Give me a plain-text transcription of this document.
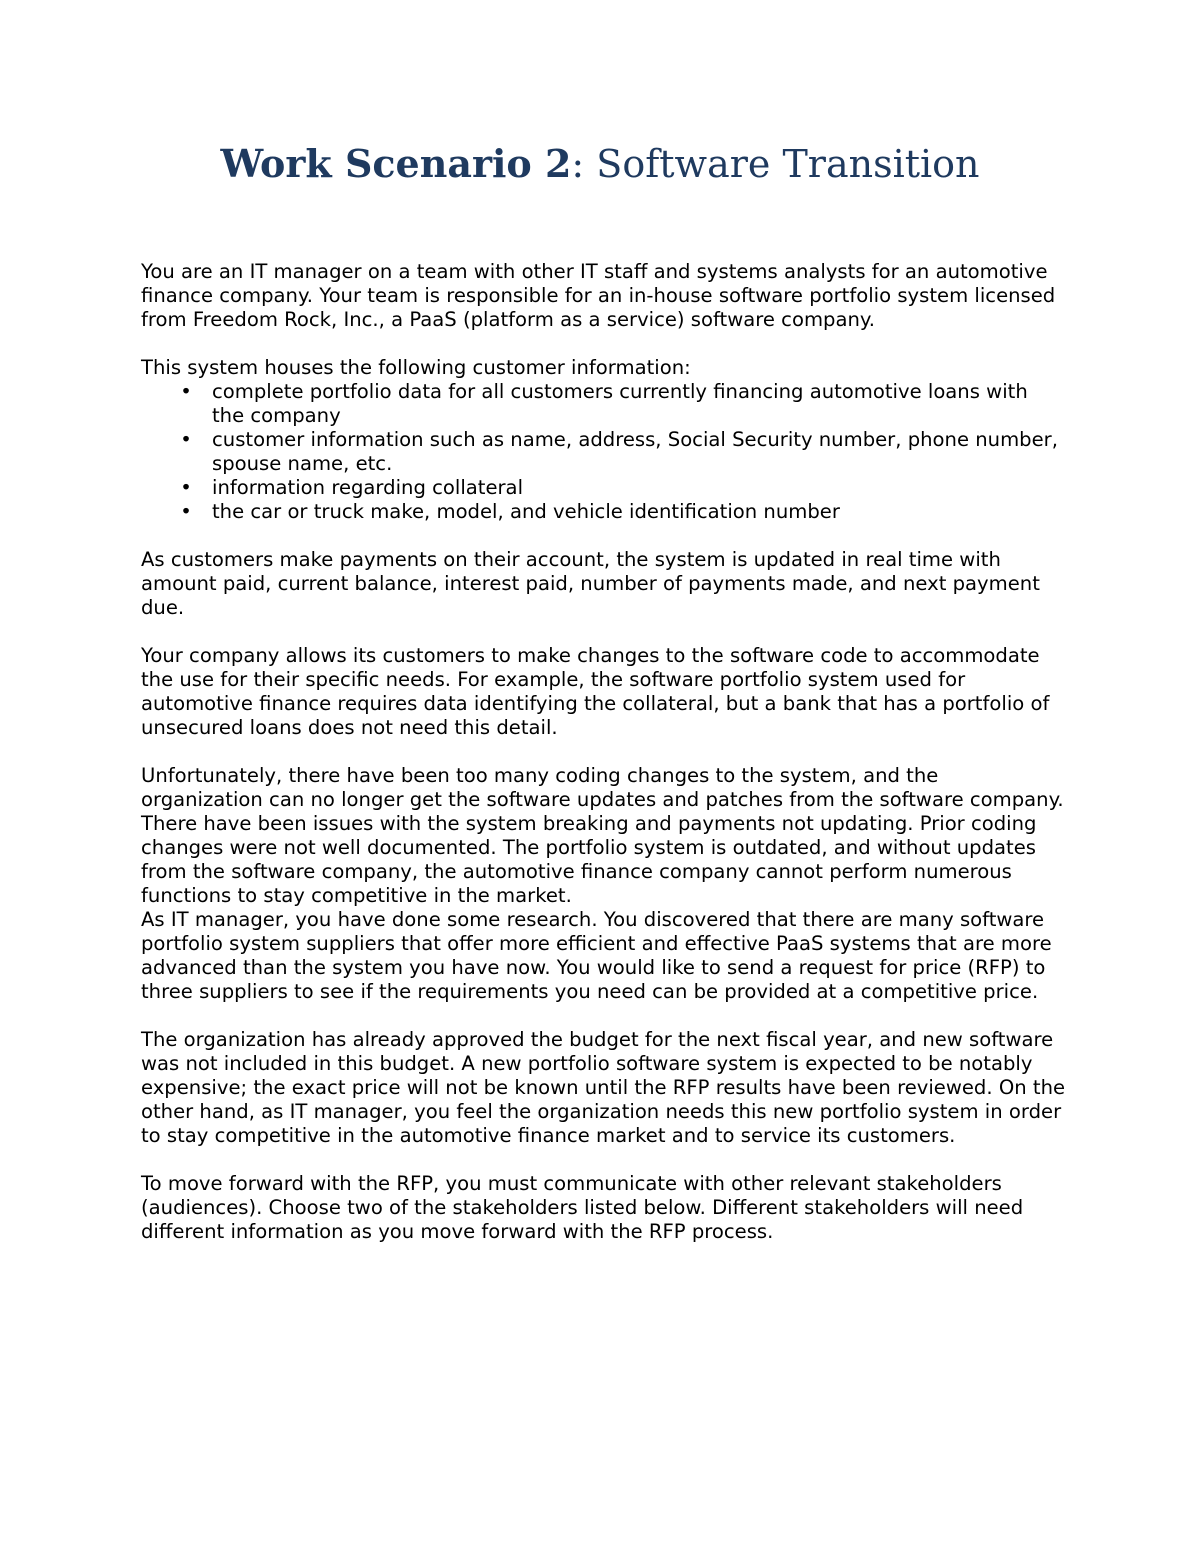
Work Scenario 2: Software Transition

You are an IT manager on a team with other IT staff and systems analysts for an automotive finance company. Your team is responsible for an in-house software portfolio system licensed from Freedom Rock, Inc., a PaaS (platform as a service) software company.

This system houses the following customer information:

• complete portfolio data for all customers currently financing automotive loans with the company
• customer information such as name, address, Social Security number, phone number, spouse name, etc.
• information regarding collateral
• the car or truck make, model, and vehicle identification number

As customers make payments on their account, the system is updated in real time with amount paid, current balance, interest paid, number of payments made, and next payment due.

Your company allows its customers to make changes to the software code to accommodate the use for their specific needs. For example, the software portfolio system used for automotive finance requires data identifying the collateral, but a bank that has a portfolio of unsecured loans does not need this detail.

Unfortunately, there have been too many coding changes to the system, and the organization can no longer get the software updates and patches from the software company. There have been issues with the system breaking and payments not updating. Prior coding changes were not well documented. The portfolio system is outdated, and without updates from the software company, the automotive finance company cannot perform numerous functions to stay competitive in the market.

As IT manager, you have done some research. You discovered that there are many software portfolio system suppliers that offer more efficient and effective PaaS systems that are more advanced than the system you have now. You would like to send a request for price (RFP) to three suppliers to see if the requirements you need can be provided at a competitive price.

The organization has already approved the budget for the next fiscal year, and new software was not included in this budget. A new portfolio software system is expected to be notably expensive; the exact price will not be known until the RFP results have been reviewed. On the other hand, as IT manager, you feel the organization needs this new portfolio system in order to stay competitive in the automotive finance market and to service its customers.

To move forward with the RFP, you must communicate with other relevant stakeholders (audiences). Choose two of the stakeholders listed below. Different stakeholders will need different information as you move forward with the RFP process.
